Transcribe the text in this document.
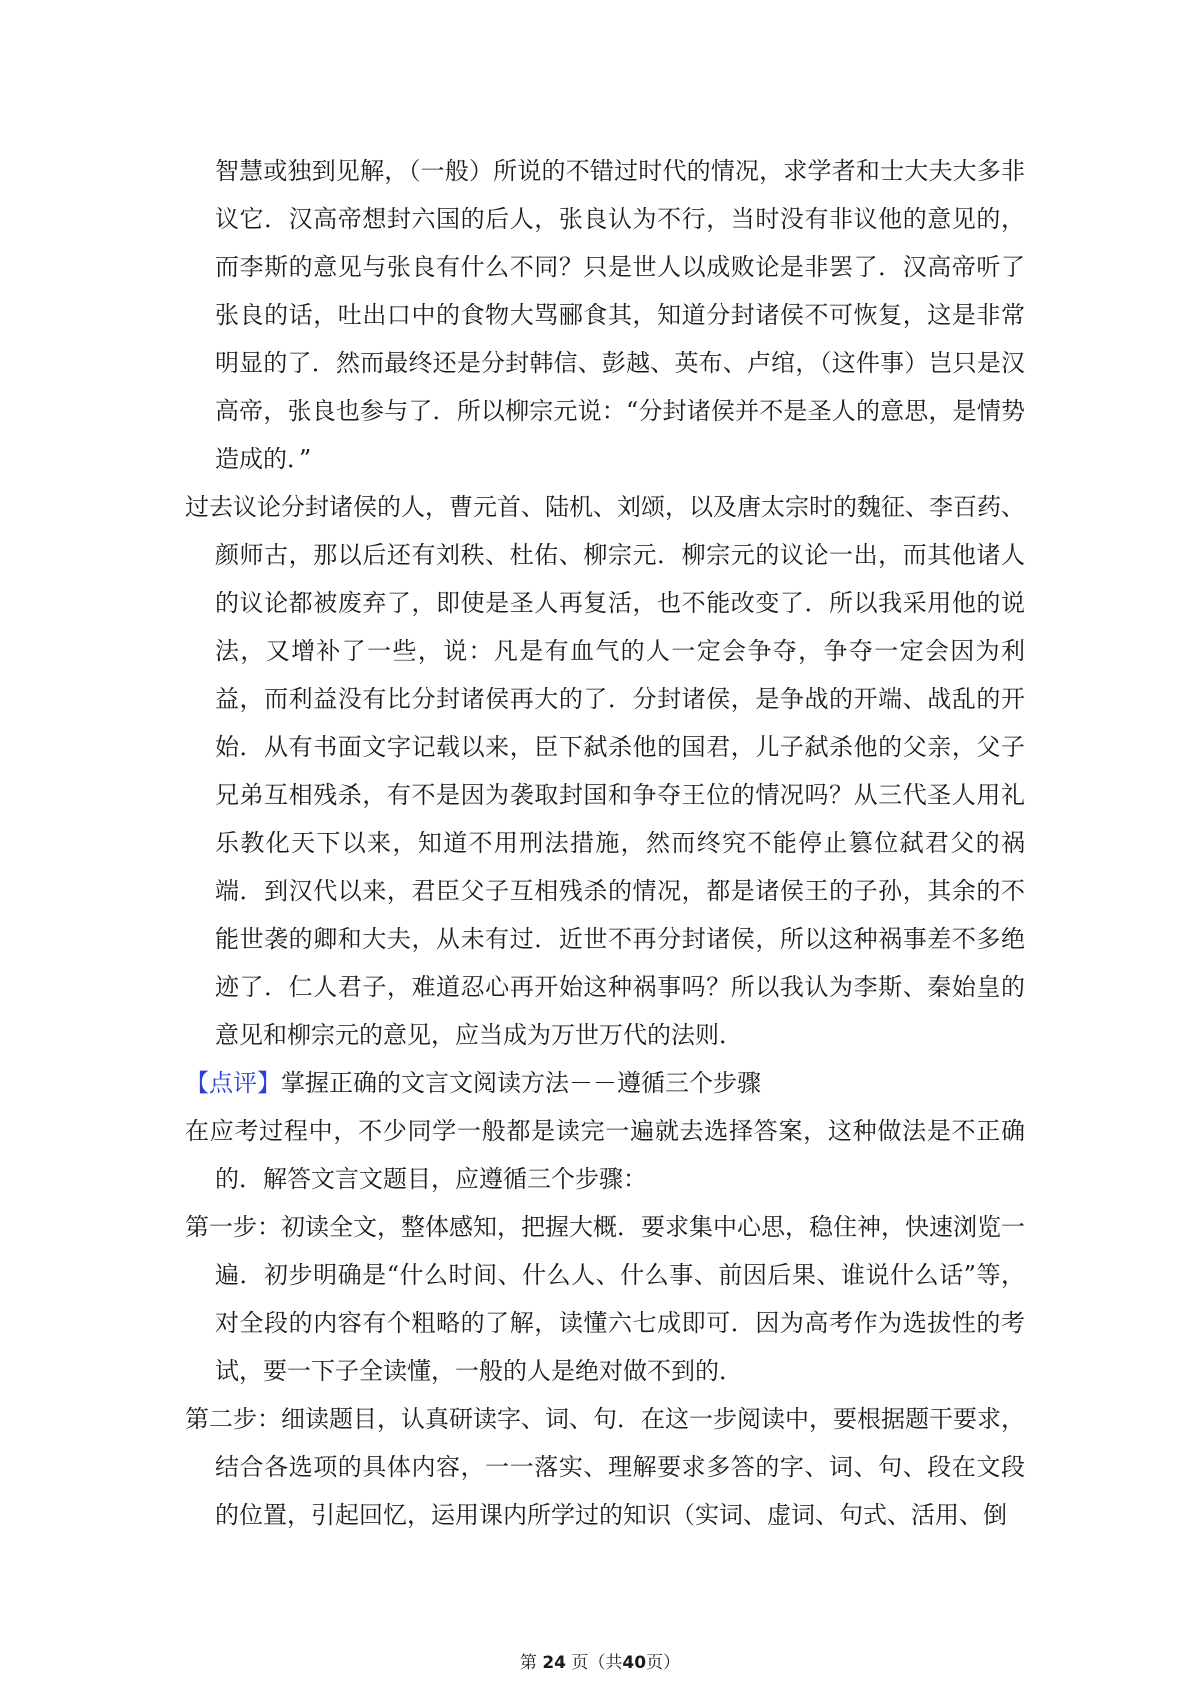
智慧或独到见解，（一般）所说的不错过时代的情况，求学者和士大夫大多非议它．汉高帝想封六国的后人，张良认为不行，当时没有非议他的意见的，而李斯的意见与张良有什么不同？只是世人以成败论是非罢了．汉高帝听了张良的话，吐出口中的食物大骂郦食其，知道分封诸侯不可恢复，这是非常明显的了．然而最终还是分封韩信、彭越、英布、卢绾，（这件事）岂只是汉高帝，张良也参与了．所以柳宗元说：“分封诸侯并不是圣人的意思，是情势造成的．”

过去议论分封诸侯的人，曹元首、陆机、刘颂，以及唐太宗时的魏征、李百药、颜师古，那以后还有刘秩、杜佑、柳宗元．柳宗元的议论一出，而其他诸人的议论都被废弃了，即使是圣人再复活，也不能改变了．所以我采用他的说法，又增补了一些，说：凡是有血气的人一定会争夺，争夺一定会因为利益，而利益没有比分封诸侯再大的了．分封诸侯，是争战的开端、战乱的开始．从有书面文字记载以来，臣下弑杀他的国君，儿子弑杀他的父亲，父子兄弟互相残杀，有不是因为袭取封国和争夺王位的情况吗？从三代圣人用礼乐教化天下以来，知道不用刑法措施，然而终究不能停止篡位弑君父的祸端．到汉代以来，君臣父子互相残杀的情况，都是诸侯王的子孙，其余的不能世袭的卿和大夫，从未有过．近世不再分封诸侯，所以这种祸事差不多绝迹了．仁人君子，难道忍心再开始这种祸事吗？所以我认为李斯、秦始皇的意见和柳宗元的意见，应当成为万世万代的法则．

【点评】掌握正确的文言文阅读方法－－遵循三个步骤

在应考过程中，不少同学一般都是读完一遍就去选择答案，这种做法是不正确的．解答文言文题目，应遵循三个步骤：

第一步：初读全文，整体感知，把握大概．要求集中心思，稳住神，快速浏览一遍．初步明确是“什么时间、什么人、什么事、前因后果、谁说什么话”等，对全段的内容有个粗略的了解，读懂六七成即可．因为高考作为选拔性的考试，要一下子全读懂，一般的人是绝对做不到的．

第二步：细读题目，认真研读字、词、句．在这一步阅读中，要根据题干要求，结合各选项的具体内容，一一落实、理解要求多答的字、词、句、段在文段的位置，引起回忆，运用课内所学过的知识（实词、虚词、句式、活用、倒

第 24 页（共40页）
